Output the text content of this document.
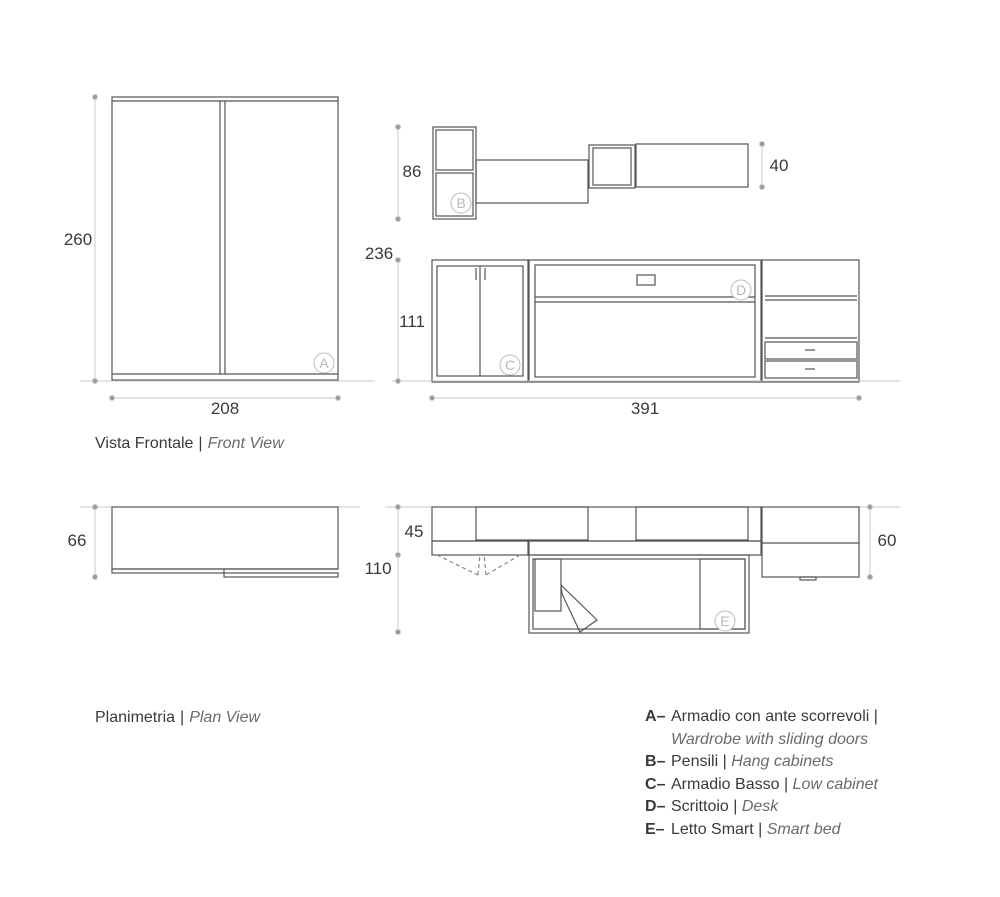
A
B
C
D
E
260
208
86	40
236
111
391
66	45
110
60
Vista Frontale | Front View
Planimetria | Plan View	A– Armadio con ante scorrevoli |
Wardrobe with sliding doors
B– Pensili | Hang cabinets
C– Armadio Basso | Low cabinet
D– Scrittoio | Desk
E– Letto Smart | Smart bed
